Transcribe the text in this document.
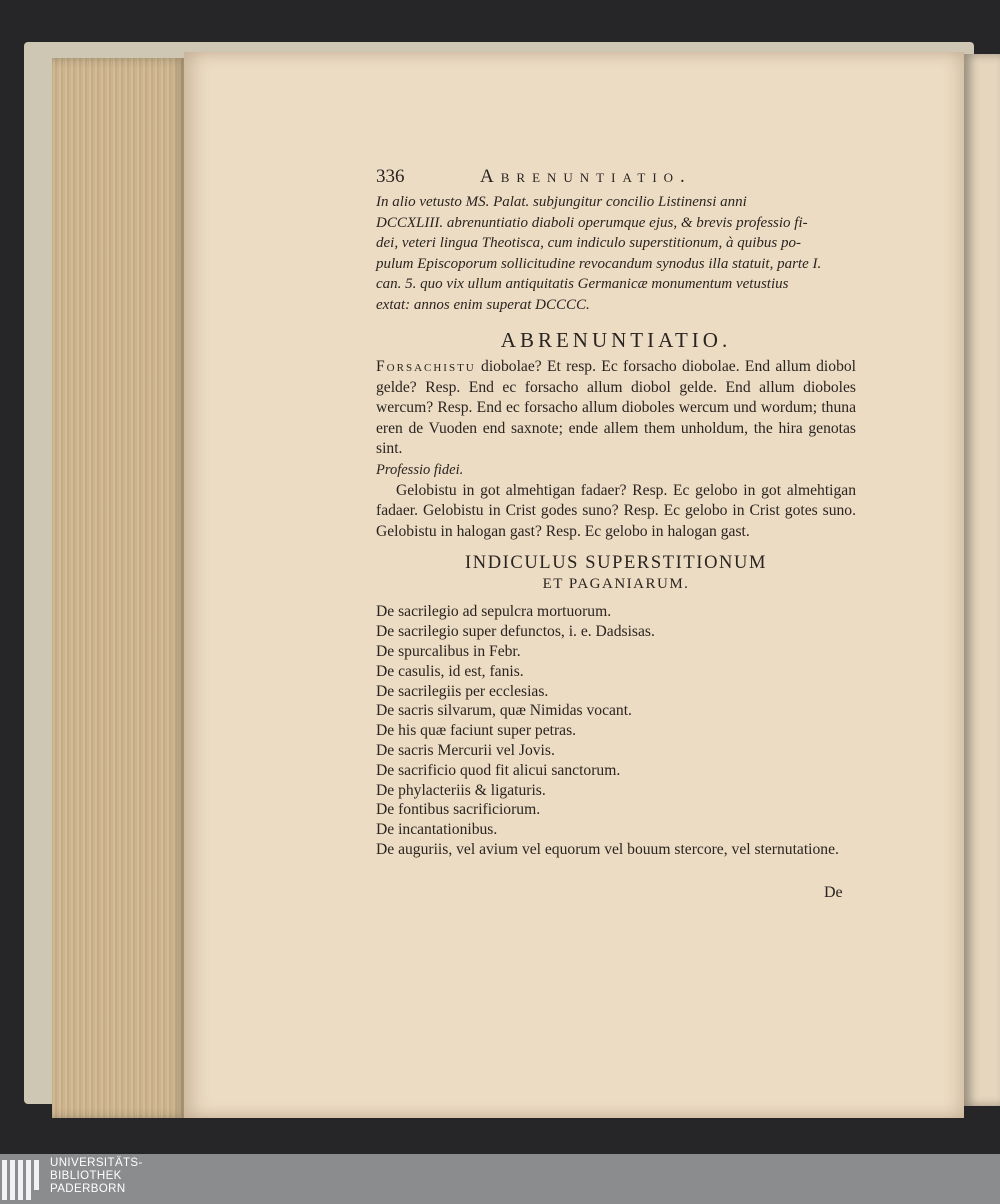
336	Abrenuntiatio.

In alio vetusto MS. Palat. subjungitur concilio Listinensi anni

DCCXLIII. abrenuntiatio diaboli operumque ejus, & brevis professio fi-

dei, veteri lingua Theotisca, cum indiculo superstitionum, à quibus po-

pulum Episcoporum sollicitudine revocandum synodus illa statuit, parte I.

can. 5. quo vix ullum antiquitatis Germanicæ monumentum vetustius

extat: annos enim superat DCCCC.

ABRENUNTIATIO.

Forsachistu diobolae? Et resp. Ec forsacho diobolae. End allum diobol gelde? Resp. End ec forsacho allum diobol gelde. End allum dioboles wercum? Resp. End ec forsacho allum dioboles wercum und wordum; thuna eren de Vuoden end saxnote; ende allem them unholdum, the hira genotas sint.

Professio fidei.

Gelobistu in got almehtigan fadaer? Resp. Ec gelobo in got almehtigan fadaer. Gelobistu in Crist godes suno? Resp. Ec gelobo in Crist gotes suno. Gelobistu in halogan gast? Resp. Ec gelobo in halogan gast.

INDICULUS SUPERSTITIONUM
ET PAGANIARUM.
De sacrilegio ad sepulcra mortuorum.
De sacrilegio super defunctos, i. e. Dadsisas.
De spurcalibus in Febr.
De casulis, id est, fanis.
De sacrilegiis per ecclesias.
De sacris silvarum, quæ Nimidas vocant.
De his quæ faciunt super petras.
De sacris Mercurii vel Jovis.
De sacrificio quod fit alicui sanctorum.
De phylacteriis & ligaturis.
De fontibus sacrificiorum.
De incantationibus.
De auguriis, vel avium vel equorum vel bouum stercore, vel sternutatione.
De
UNIVERSITÄTS-
BIBLIOTHEK
PADERBORN
